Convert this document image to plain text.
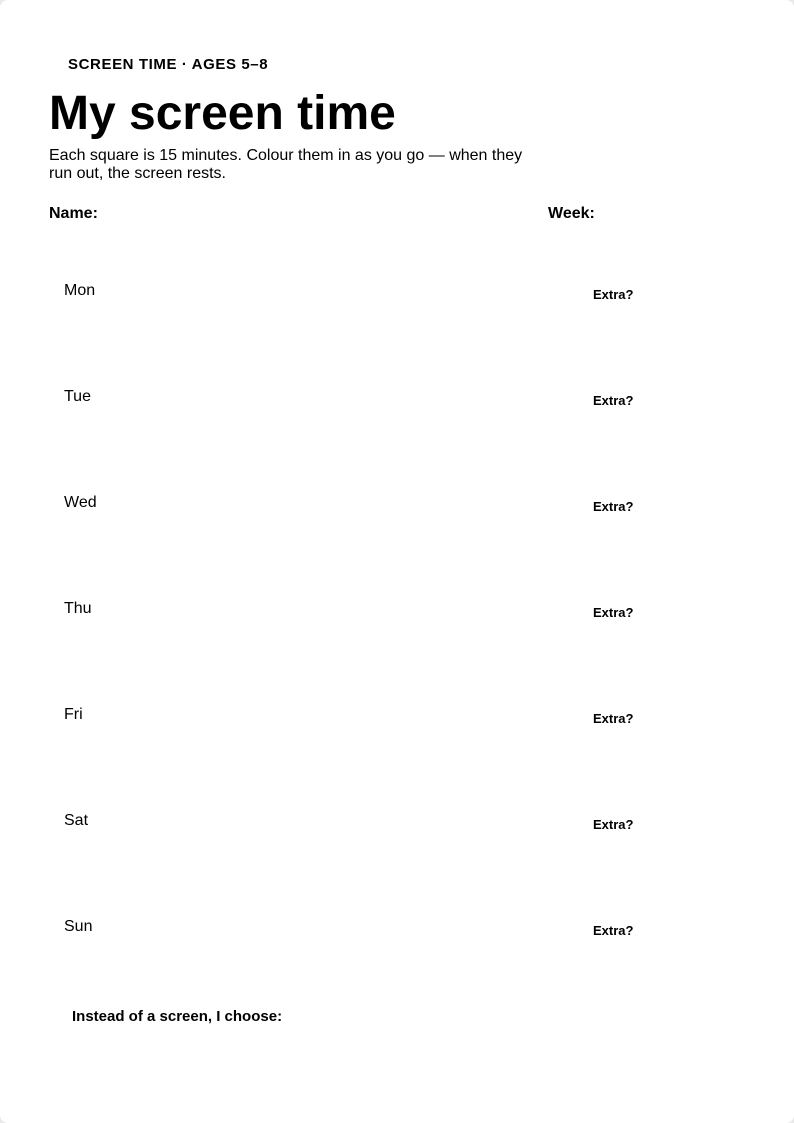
SCREEN TIME · AGES 5–8
My screen time

Each square is 15 minutes. Colour them in as you go — when they run out, the screen rests.

Name:	Week:
Mon	Extra?
Tue	Extra?
Wed	Extra?
Thu	Extra?
Fri	Extra?
Sat	Extra?
Sun	Extra?
Instead of a screen, I choose:
